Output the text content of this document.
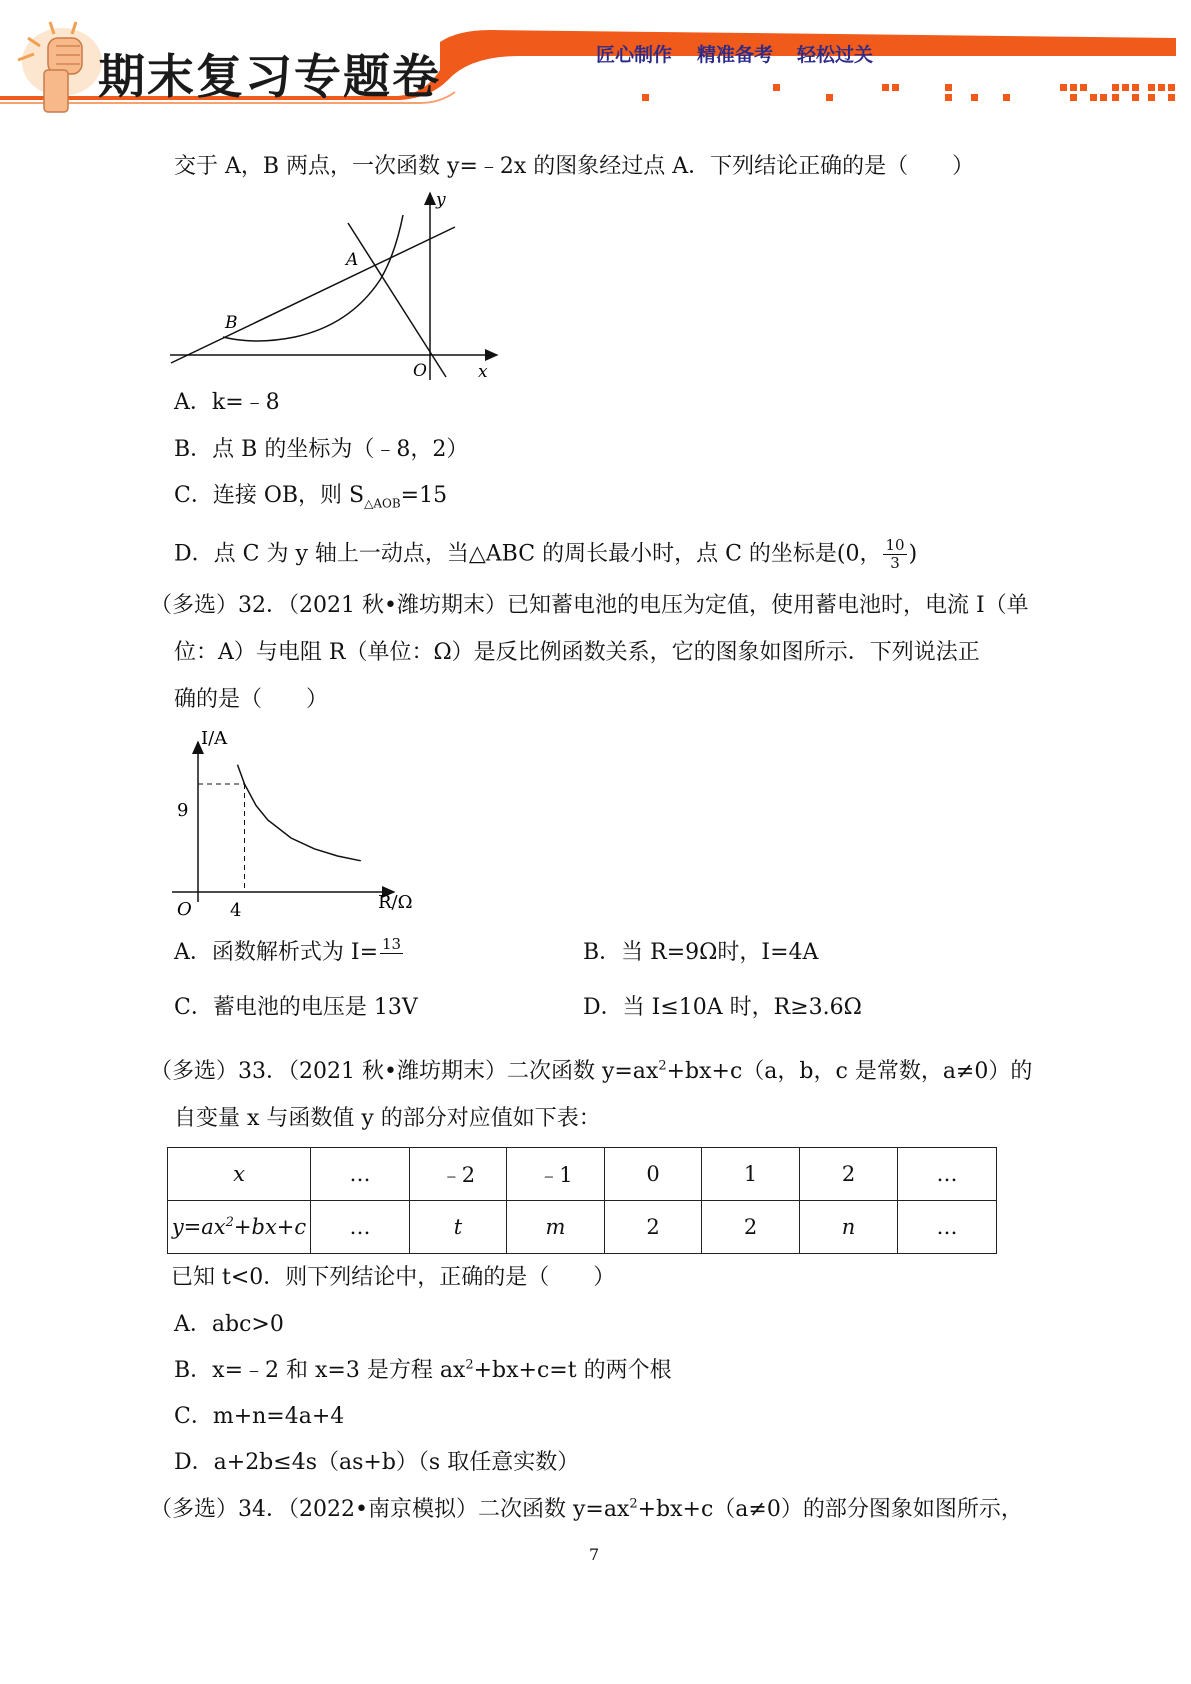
期末复习专题卷	匠心制作 精准备考 轻松过关
交于 A，B 两点，一次函数 y=﹣2x 的图象经过点 A．下列结论正确的是（　　）
y
x
O
A
B
A．k=﹣8
B．点 B 的坐标为（﹣8，2）
C．连接 OB，则 $S_{\triangle AOB}=15$
D．点 C 为 y 轴上一动点，当△ABC 的周长最小时，点 C 的坐标是(0， $\frac{10}{3}$ )
（多选）32．（2021 秋•潍坊期末）已知蓄电池的电压为定值，使用蓄电池时，电流 I（单
位：A）与电阻 R（单位：Ω）是反比例函数关系，它的图象如图所示．下列说法正
确的是（　　）
I/A
R/Ω
O
9
4
A．函数解析式为 I= 13	B．当 R=9Ω时，I=4A
C．蓄电池的电压是 13V	D．当 I≤10A 时，R≥3.6Ω
（多选）33．（2021 秋•潍坊期末）二次函数 $y=ax^2+bx+c(a$，b，c 是常数，a≠0）的
自变量 x 与函数值 y 的部分对应值如下表：
x	…	﹣2	﹣1	0	1	2	…
$y=ax^2+bx+c$	…	t	m	2	2	n	…
已知 t<0．则下列结论中，正确的是（　　）
A．abc>0
B．x=﹣2 和 x=3 是方程 $ax^2+bx+c=t$ 的两个根
C．m+n=4a+4
D．a+2b≤4s（as+b）（s 取任意实数）
（多选）34．（2022•南京模拟）二次函数 $y=ax^2+bx+c(a\ne 0)$的部分图象如图所示，
7
